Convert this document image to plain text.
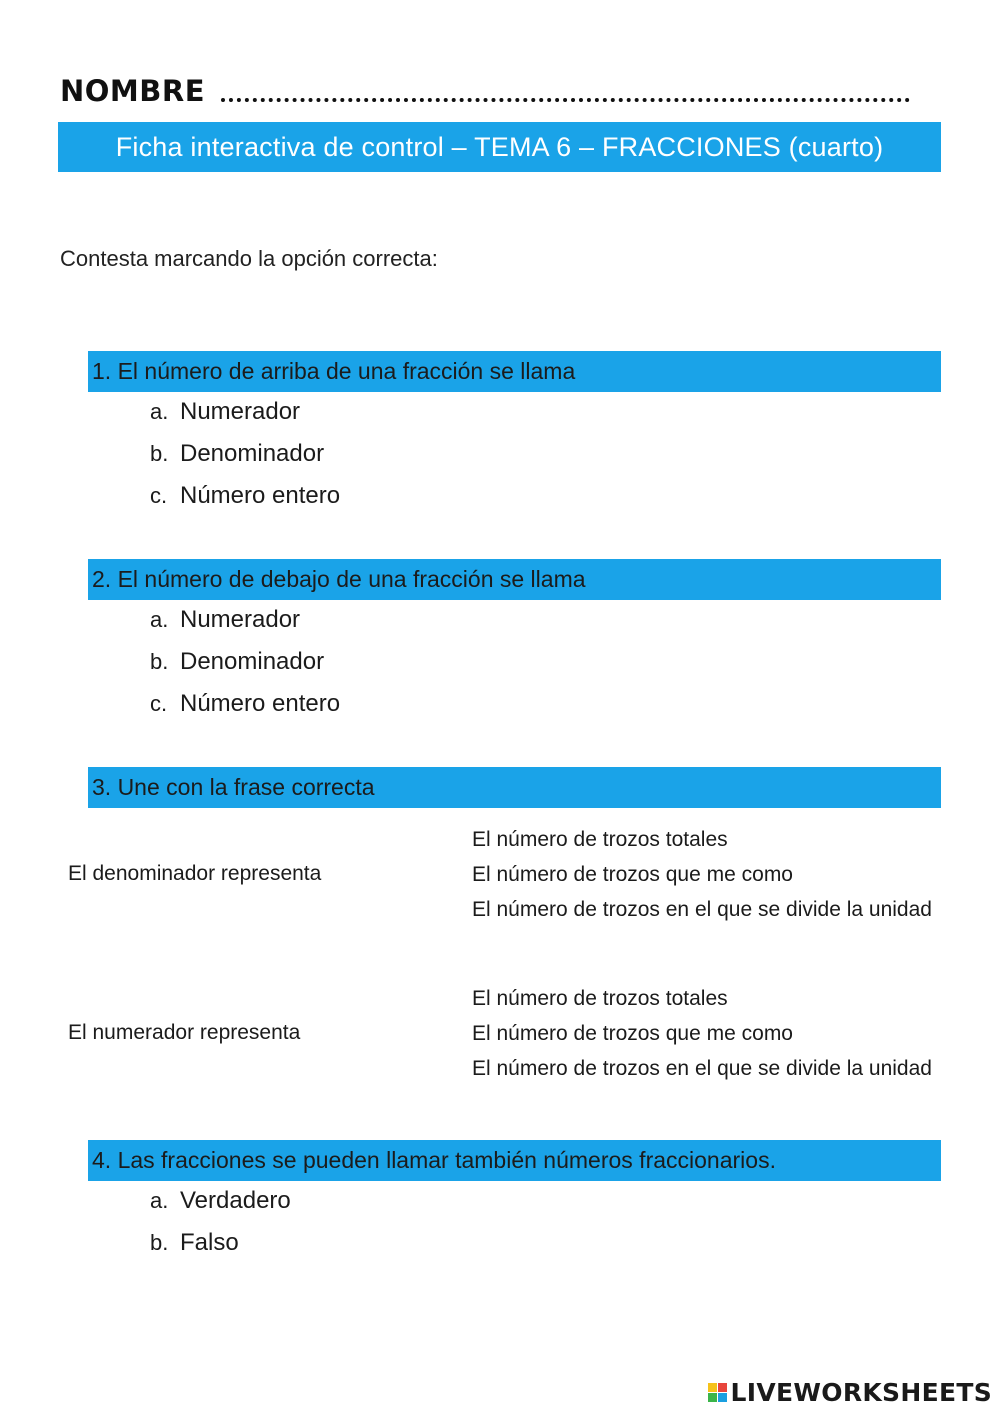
NOMBRE
Ficha interactiva de control – TEMA 6 – FRACCIONES (cuarto)
Contesta marcando la opción correcta:
1. El número de arriba de una fracción se llama
a. Numerador
b. Denominador
c. Número entero
2. El número de debajo de una fracción se llama
a. Numerador
b. Denominador
c. Número entero
3. Une con la frase correcta
El denominador representa
El número de trozos totales
El número de trozos que me como
El número de trozos en el que se divide la unidad
El numerador representa
El número de trozos totales
El número de trozos que me como
El número de trozos en el que se divide la unidad
4. Las fracciones se pueden llamar también números fraccionarios.
a. Verdadero
b. Falso
LIVEWORKSHEETS
